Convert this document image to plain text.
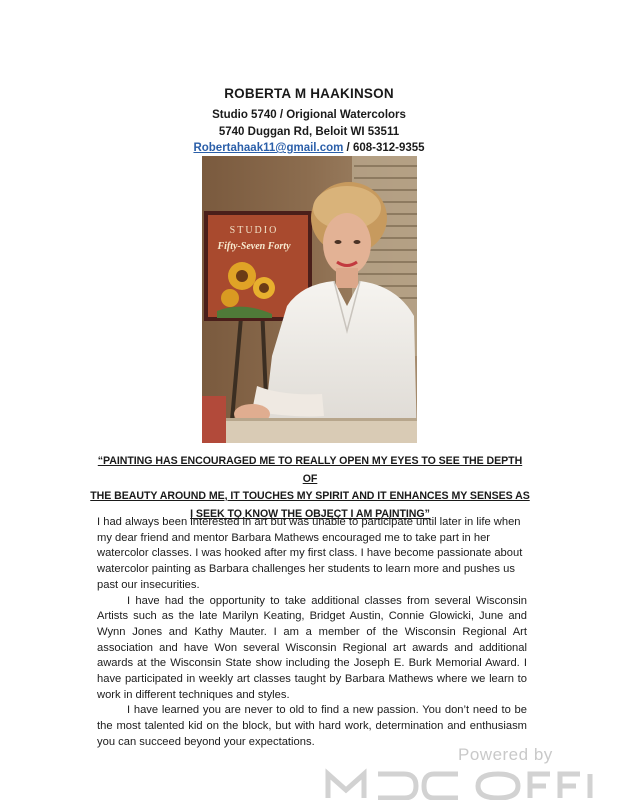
ROBERTA M HAAKINSON
Studio 5740 / Origional Watercolors
5740 Duggan Rd, Beloit WI 53511
Robertahaak11@gmail.com / 608-312-9355
STUDIO
Fifty-Seven Forty
“PAINTING HAS ENCOURAGED ME TO REALLY OPEN MY EYES TO SEE THE DEPTH OF
THE BEAUTY AROUND ME, IT TOUCHES MY SPIRIT AND IT ENHANCES MY SENSES AS
I SEEK TO KNOW THE OBJECT I AM PAINTING”

I had always been interested in art but was unable to participate until later in life when my dear friend and mentor Barbara Mathews encouraged me to take part in her watercolor classes. I was hooked after my first class. I have become passionate about watercolor painting as Barbara challenges her students to learn more and pushes us past our insecurities.

I have had the opportunity to take additional classes from several Wisconsin Artists such as the late Marilyn Keating, Bridget Austin, Connie Glowicki, June and Wynn Jones and Kathy Mauter. I am a member of the Wisconsin Regional Art association and have Won several Wisconsin Regional art awards and additional awards at the Wisconsin State show including the Joseph E. Burk Memorial Award. I have participated in weekly art classes taught by Barbara Mathews where we learn to work in different techniques and styles.

I have learned you are never to old to find a new passion. You don’t need to be the most talented kid on the block, but with hard work, determination and enthusiasm you can succeed beyond your expectations.

Powered by
